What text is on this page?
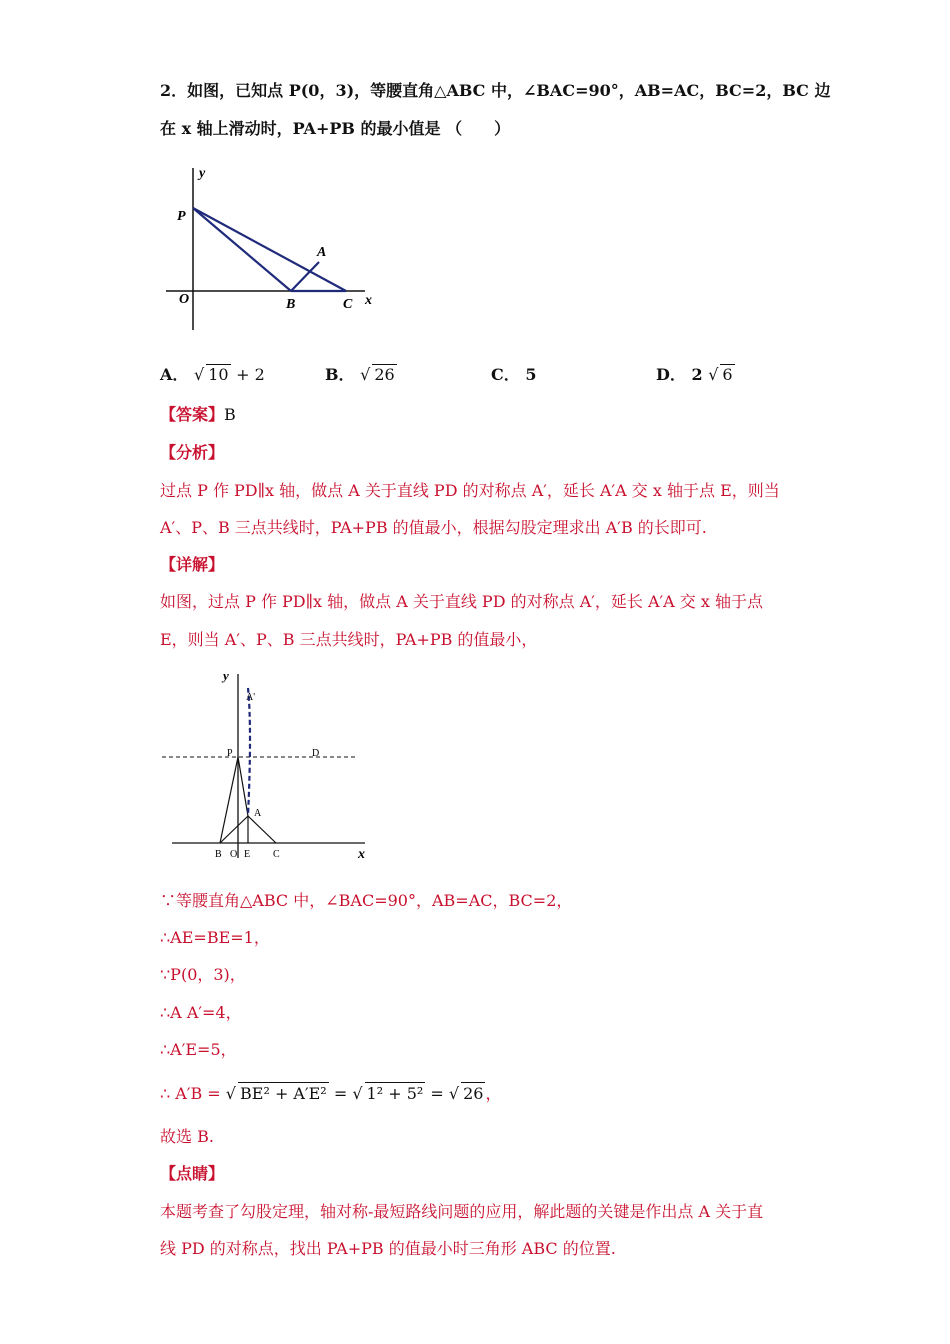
2．如图，已知点 P(0，3)，等腰直角△ABC 中，∠BAC=90°，AB=AC，BC=2，BC 边
在 x 轴上滑动时，PA+PB 的最小值是 （　　）
y
x
P
O
A
B	C
A． √ 10 + 2	B． √ 26	C． 5	D． 2 √ 6
【答案】B
【分析】
过点 P 作 PD∥x 轴，做点 A 关于直线 PD 的对称点 A′，延长 A′A 交 x 轴于点 E，则当
A′、P、B 三点共线时，PA+PB 的值最小，根据勾股定理求出 A′B 的长即可.
【详解】
如图，过点 P 作 PD∥x 轴，做点 A 关于直线 PD 的对称点 A′，延长 A′A 交 x 轴于点
E，则当 A′、P、B 三点共线时，PA+PB 的值最小，
y
x
A'
P	D
A
B O E C
∵等腰直角△ABC 中，∠BAC=90°，AB=AC，BC=2，
∴AE=BE=1，
∵P(0，3)，
∴A A′=4，
∴A′E=5，
∴ A′B = √ BE² + A′E² = √ 1² + 5² = √ 26 ，
故选 B.
【点睛】
本题考查了勾股定理，轴对称-最短路线问题的应用，解此题的关键是作出点 A 关于直
线 PD 的对称点，找出 PA+PB 的值最小时三角形 ABC 的位置.
